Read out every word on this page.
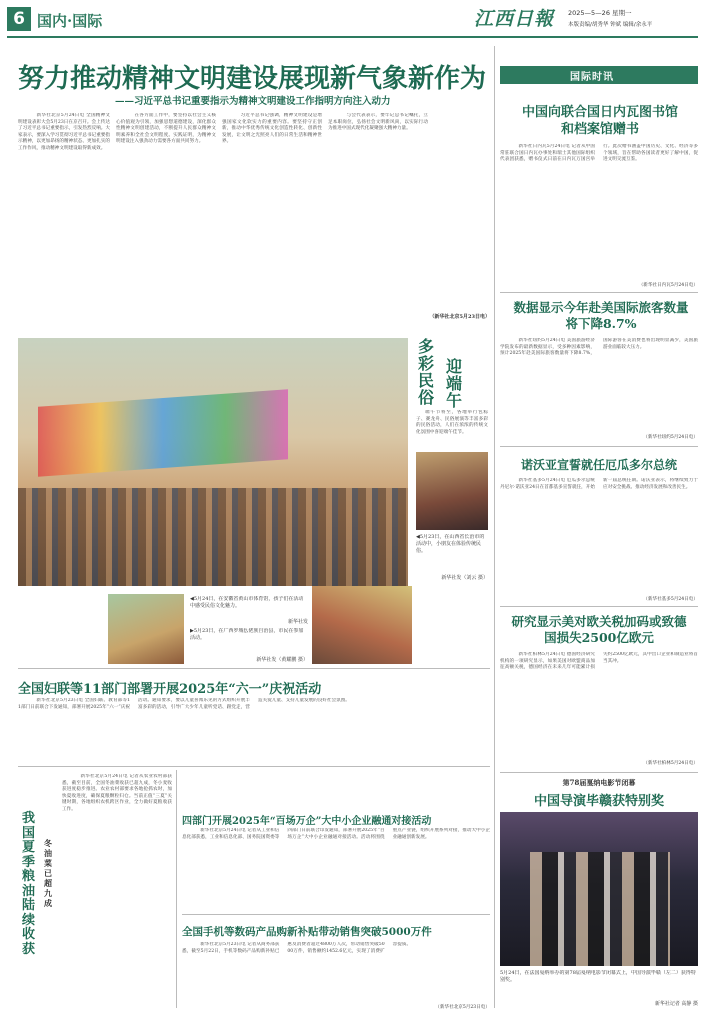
6 国内·国际	江西日報 2025—5—26 星期一
本版责编/胡秀华 钟斌 编辑/余永平
努力推动精神文明建设展现新气象新作为
——习近平总书记重要指示为精神文明建设工作指明方向注入动力

　　新华社北京5月24日电 全国精神文明建设表彰大会5月23日在京召开。会上传达了习近平总书记重要指示，引发热烈反响。大家表示，要深入学习贯彻习近平总书记重要指示精神，以更加昂扬的精神状态、更加扎实的工作作风，推动精神文明建设取得新成效。

　　在各方面工作中，要坚持以社会主义核心价值观为引领，加强思想道德建设，深化群众性精神文明创建活动，不断提升人民群众精神文明素养和全社会文明程度。实践证明，为精神文明建设注入强劲动力需要各方面共同努力。

　　习近平总书记强调，精神文明建设是增强国家文化软实力的重要内容。要坚持守正创新，推动中华优秀传统文化创造性转化、创新性发展，让文明之光照亮人们的日常生活和精神世界。

　　与会代表表示，要牢记总书记嘱托，立足本职岗位，弘扬社会文明新风尚，以实际行动为推进中国式现代化凝聚强大精神力量。

（新华社北京5月23日电）
◀5月24日，在安徽省黄山市体育馆，孩子们在活动中感受民俗文化魅力。
新华社发
▶5月23日，在广西罗城仫佬族自治县，市民在参加活动。
新华社发（黄耀鹏 摄）
多
彩
民
俗
迎
端
午

端午节将至，各地举行包粽子、赛龙舟、民俗展演等丰富多彩的民俗活动，人们在浓浓的传统文化氛围中喜迎端午佳节。

◀5月23日，在山西省长治市的活动中，小朋友在体验传统民俗。
新华社发（刘云 摄）
全国妇联等11部门部署开展2025年“六一”庆祝活动

　　新华社北京5月23日电 全国妇联、教育部等11部门日前联合下发通知，部署开展2025年“六一”庆祝活动。通知要求，要以儿童喜闻乐见的方式组织开展丰富多彩的活动，引导广大少年儿童听党话、跟党走，营造关爱儿童、支持儿童发展的良好社会氛围。

我
国
夏
季
粮
油
陆
续
收
获
冬
油
菜
已
超
九
成

　　新华社北京5月24日电 记者从农业农村部获悉，截至目前，全国冬油菜收获已超九成，冬小麦收获进度稳步推进。农业农村部要求各地抢抓农时，加快夏收进度，确保夏粮颗粒归仓。当前正值“三夏”关键时期，各地组织农机跨区作业，全力做好夏粮收获工作。

四部门开展2025年“百场万企”大中小企业融通对接活动

　　新华社北京5月24日电 记者从工业和信息化部获悉，工业和信息化部、国务院国资委等四部门日前联合印发通知，部署开展2025年“百场万企”大中小企业融通对接活动。活动将围绕重点产业链，组织开展系列对接，推动大中小企业融通创新发展。

全国手机等数码产品购新补贴带动销售突破5000万件

　　新华社北京5月23日电 记者从商务部获悉，截至5月22日，手机等数码产品购新补贴已惠及消费者超过4800万人次，带动销售突破5000万件，销售额约1452.6亿元，实现了消费扩容提质。

（新华社北京5月23日电）
国际时讯
中国向联合国日内瓦图书馆和档案馆赠书

　　新华社日内瓦5月24日电 记者从中国常驻联合国日内瓦办事处和瑞士其他国际组织代表团获悉，赠书仪式日前在日内瓦万国宫举行。此次赠书涵盖中国历史、文化、经济等多个领域，旨在帮助各国读者更好了解中国，促进文明交流互鉴。

（新华社日内瓦5月24日电）
数据显示今年赴美国际旅客数量将下降8.7%

　　新华社纽约5月24日电 美国旅游经济学院发布的最新数据显示，受多种因素影响，预计2025年赴美国际旅客数量将下降8.7%，国际游客在美消费也将出现明显减少，美国旅游业面临较大压力。

（新华社纽约5月24日电）
诺沃亚宣誓就任厄瓜多尔总统

　　新华社基多5月24日电 厄瓜多尔总统丹尼尔·诺沃亚24日在首都基多宣誓就任，开始新一届总统任期。诺沃亚表示，将继续致力于应对安全挑战、推动经济发展和改善民生。

（新华社基多5月24日电）
研究显示美对欧关税加码或致德国损失2500亿欧元

　　新华社柏林5月24日电 德国经济研究机构的一项研究显示，如果美国对欧盟商品加征高额关税，德国经济在未来几年可能累计损失约2500亿欧元，其中出口企业和制造业将首当其冲。

（新华社柏林5月24日电）
第78届戛纳电影节闭幕
中国导演毕赣获特别奖
5月24日，在法国戛纳举办的第78届戛纳电影节闭幕式上，中国导演毕赣（左二）获得特别奖。
新华社记者 高静 摄
